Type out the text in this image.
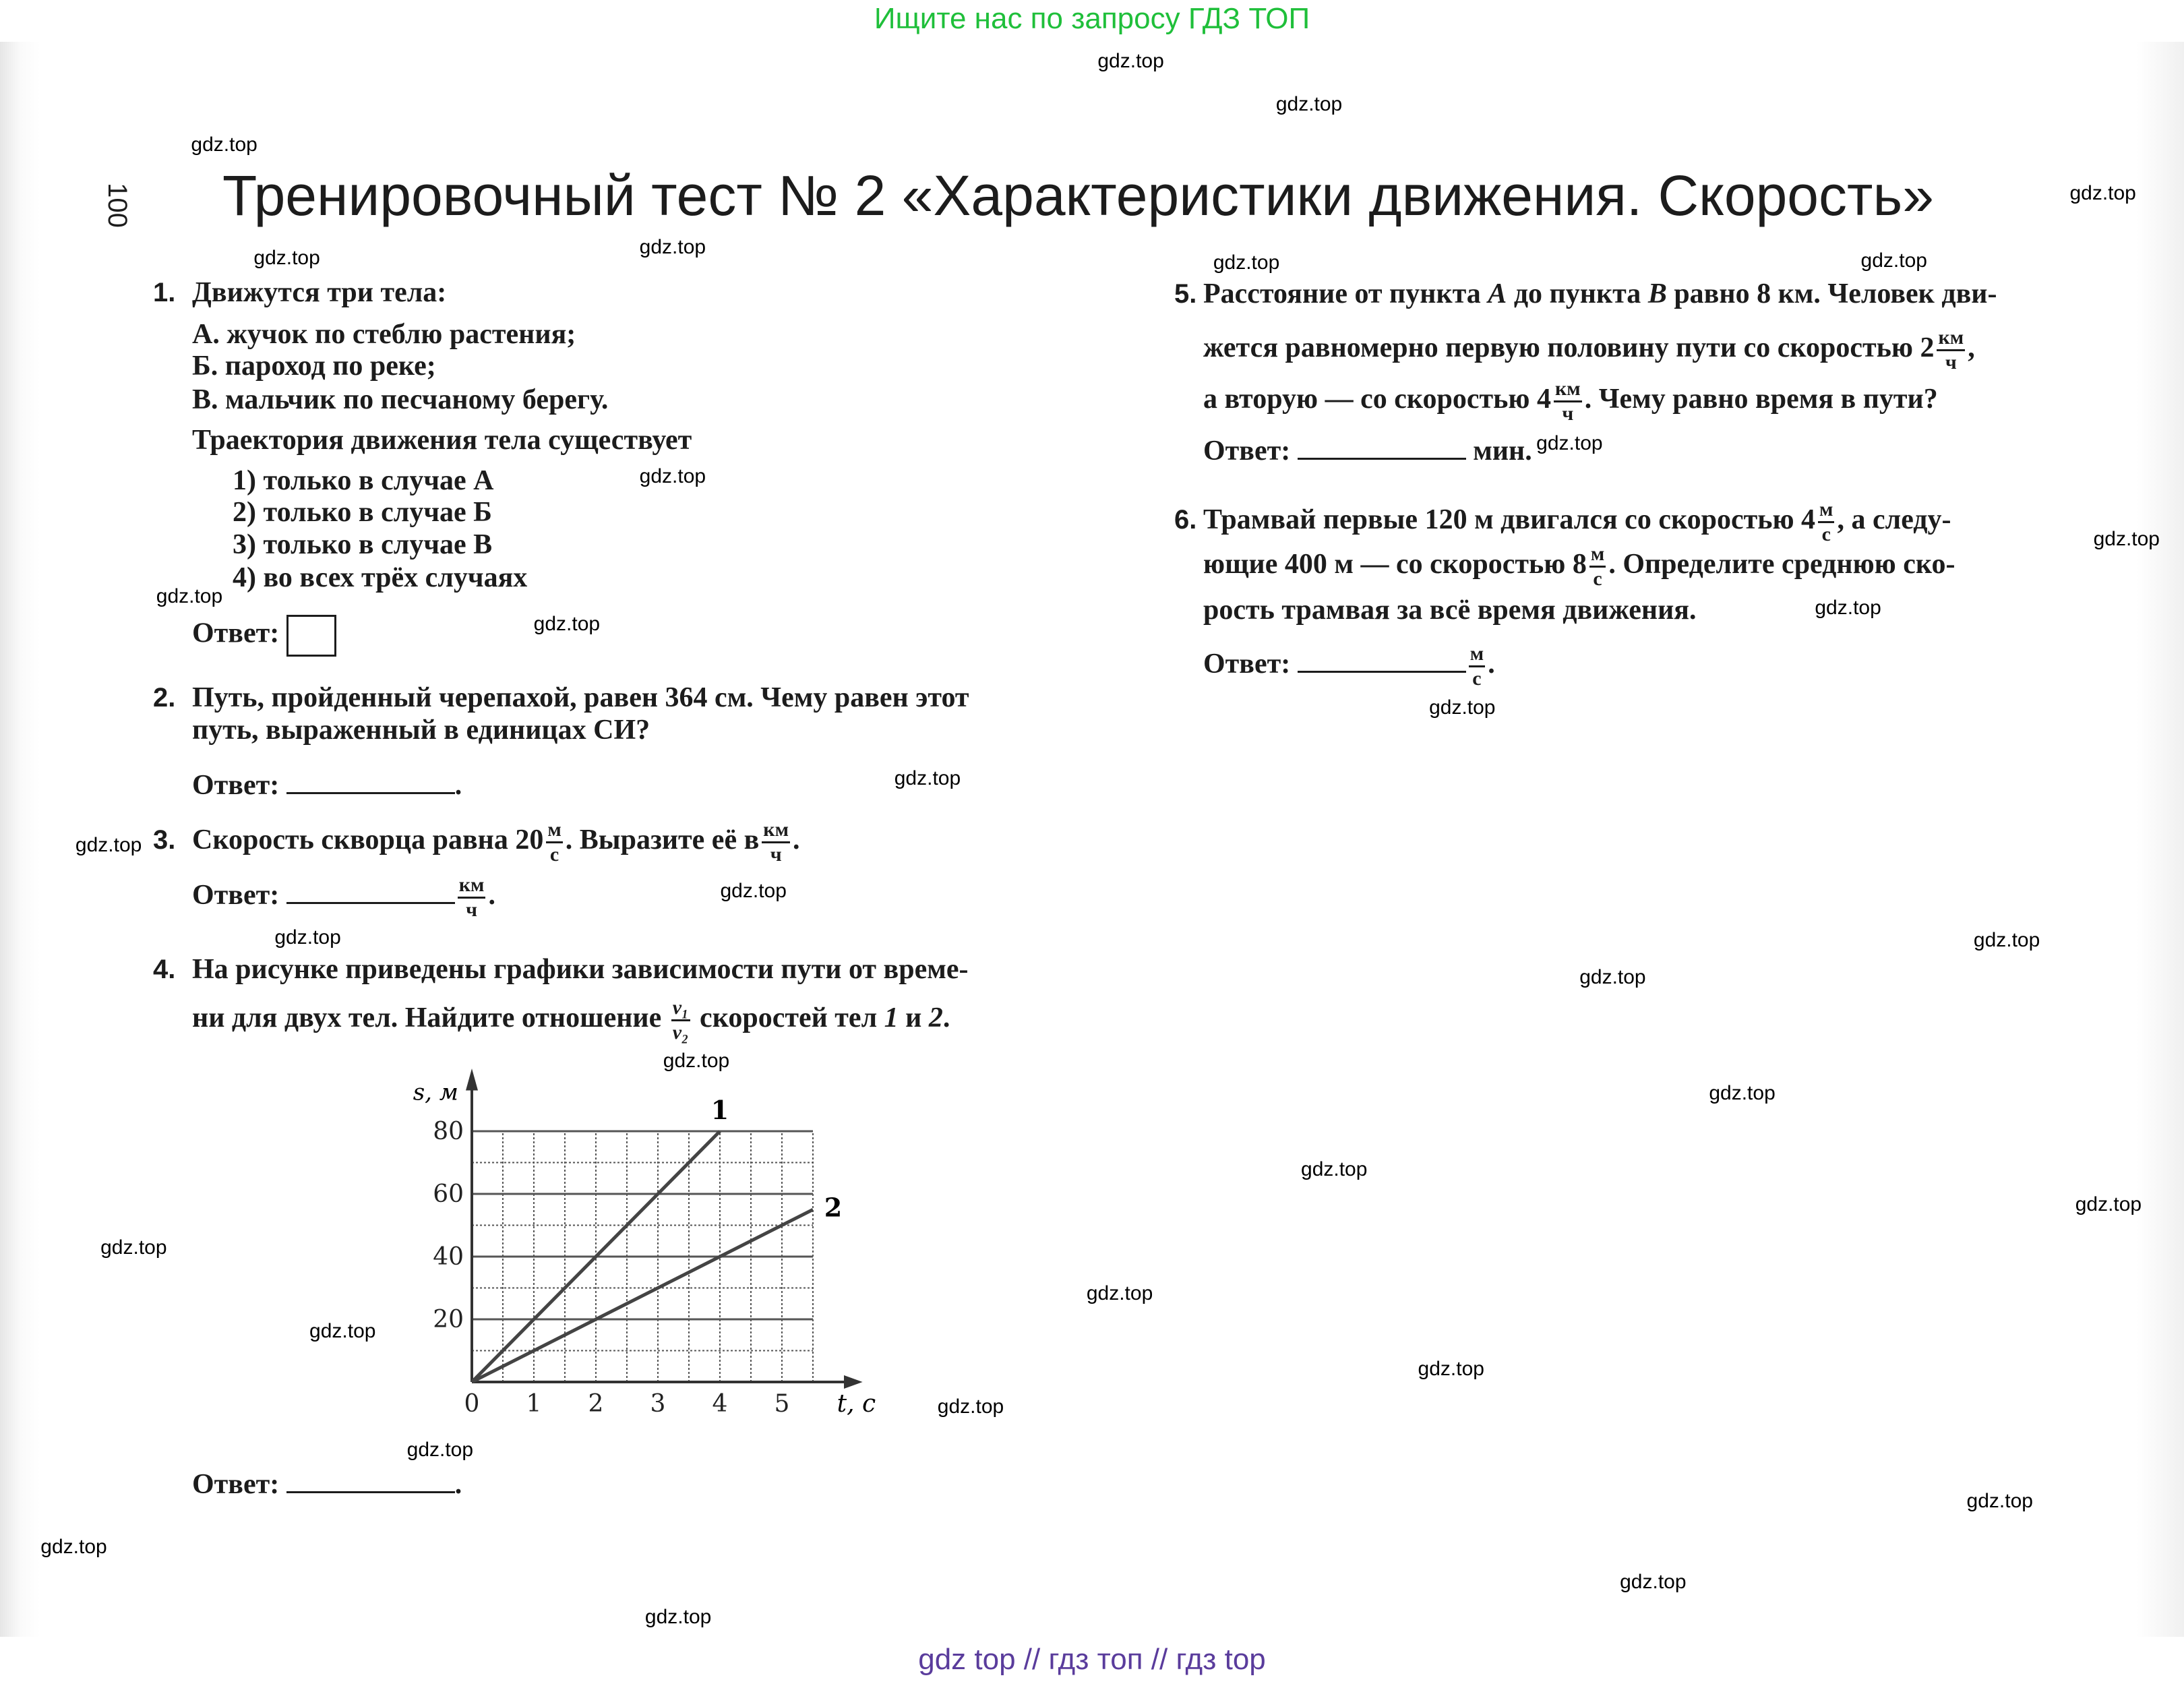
Ищите нас по запросу ГДЗ ТОП
100 Тренировочный тест № 2 «Характеристики движения. Скорость»
1. Движутся три тела:
А. жучок по стеблю растения;
Б. пароход по реке;
В. мальчик по песчаному берегу.
Траектория движения тела существует
1) только в случае А
2) только в случае Б
3) только в случае В
4) во всех трёх случаях
Ответ:
2. Путь, пройденный черепахой, равен 364 см. Чему равен этот
путь, выраженный в единицах СИ?
Ответ:	.
3. Скорость скворца равна 20 м
с . Выразите её в км
ч .
Ответ:	км
ч .
4. На рисунке приведены графики зависимости пути от време-
ни для двух тел. Найдите отношение $\frac{\text{v₁}}{\text{v₂}}$ скоростей тел 1 и 2.
0 1 2 3 4 5
20
40
60
80
t, с
s, м
1
2
Ответ:	.
5. Расстояние от пункта A до пункта B равно 8 км. Человек дви-
жется равномерно первую половину пути со скоростью 2 км
ч ,
а вторую — со скоростью 4 км
ч . Чему равно время в пути?
Ответ:	мин.
6. Трамвай первые 120 м двигался со скоростью 4 м
с , а следу-
ющие 400 м — со скоростью 8 м
с . Определите среднюю ско-
рость трамвая за всё время движения.
Ответ:	м
с .
gdz top // гдз топ // гдз top
gdz.top
gdz.top
gdz.top
gdz.top
gdz.top
gdz.top	gdz.top
gdz.top
gdz.top
gdz.top
gdz.top
gdz.top
gdz.top
gdz.top
gdz.top
gdz.top
gdz.top
gdz.top
gdz.top
gdz.top
gdz.top
gdz.top
gdz.top
gdz.top
gdz.top
gdz.top
gdz.top
gdz.top
gdz.top
gdz.top
gdz.top
gdz.top
gdz.top
gdz.top
gdz.top
